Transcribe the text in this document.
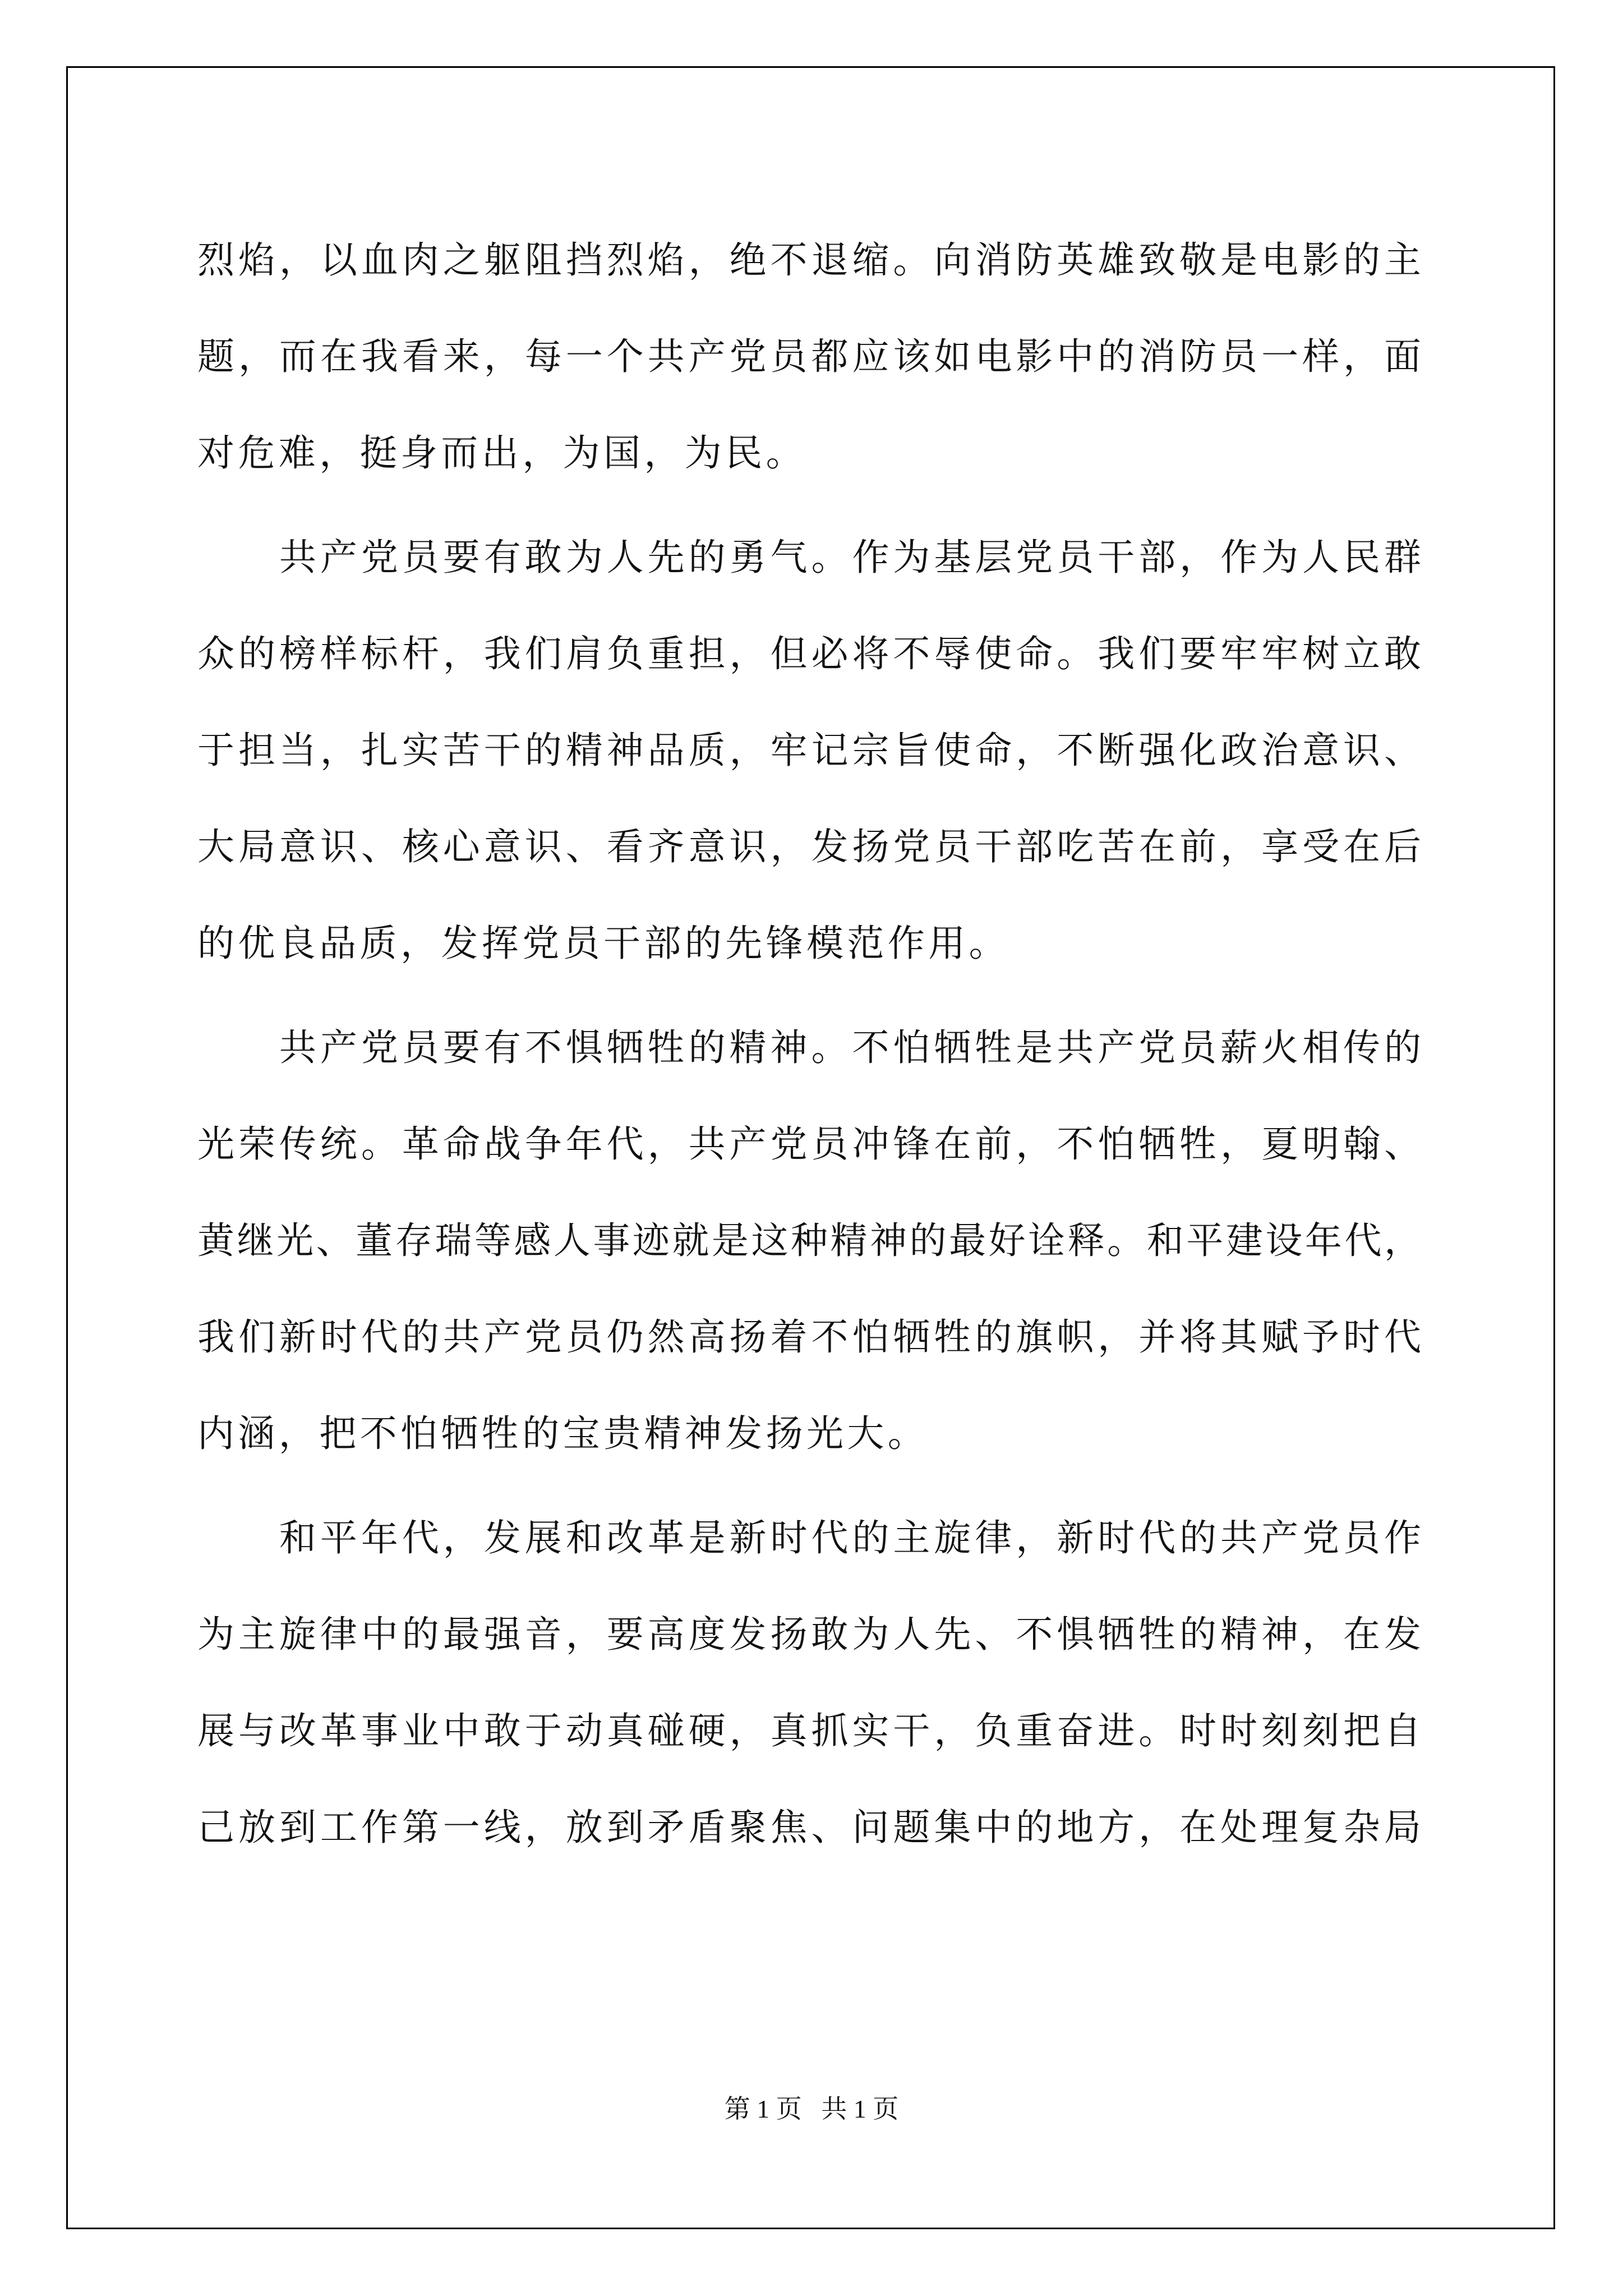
烈焰，以血肉之躯阻挡烈焰，绝不退缩。向消防英雄致敬是电影的主
题，而在我看来，每一个共产党员都应该如电影中的消防员一样，面
对危难，挺身而出，为国，为民。
　　共产党员要有敢为人先的勇气。作为基层党员干部，作为人民群
众的榜样标杆，我们肩负重担，但必将不辱使命。我们要牢牢树立敢
于担当，扎实苦干的精神品质，牢记宗旨使命，不断强化政治意识、
大局意识、核心意识、看齐意识，发扬党员干部吃苦在前，享受在后
的优良品质，发挥党员干部的先锋模范作用。
　　共产党员要有不惧牺牲的精神。不怕牺牲是共产党员薪火相传的
光荣传统。革命战争年代，共产党员冲锋在前，不怕牺牲，夏明翰、
黄继光、董存瑞等感人事迹就是这种精神的最好诠释。和平建设年代，
我们新时代的共产党员仍然高扬着不怕牺牲的旗帜，并将其赋予时代
内涵，把不怕牺牲的宝贵精神发扬光大。
　　和平年代，发展和改革是新时代的主旋律，新时代的共产党员作
为主旋律中的最强音，要高度发扬敢为人先、不惧牺牲的精神，在发
展与改革事业中敢于动真碰硬，真抓实干，负重奋进。时时刻刻把自
己放到工作第一线，放到矛盾聚焦、问题集中的地方，在处理复杂局
第 1 页 共 1 页
